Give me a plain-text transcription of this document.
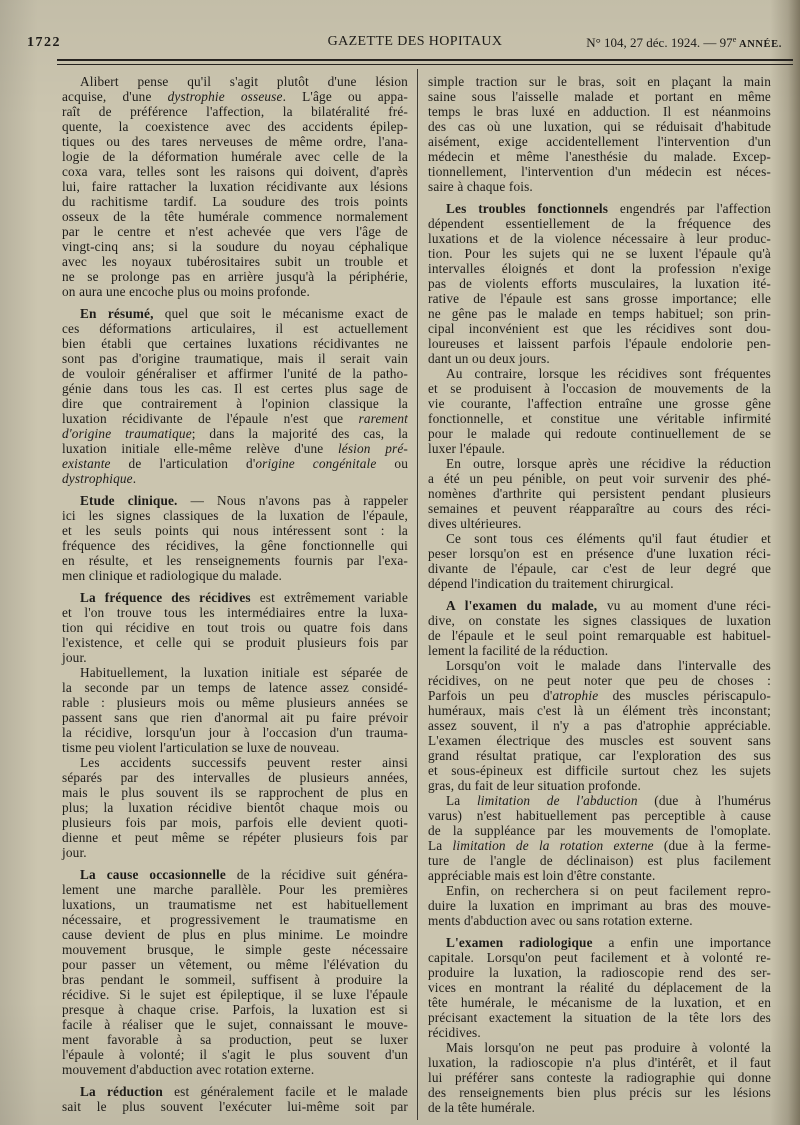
1722	GAZETTE DES HOPITAUX	N° 104, 27 déc. 1924. — 97e ANNÉE.
Alibert pense qu'il s'agit plutôt d'une lésion
acquise, d'une dystrophie osseuse. L'âge ou appa-
raît de préférence l'affection, la bilatéralité fré-
quente, la coexistence avec des accidents épilep-
tiques ou des tares nerveuses de même ordre, l'ana-
logie de la déformation humérale avec celle de la
coxa vara, telles sont les raisons qui doivent, d'après
lui, faire rattacher la luxation récidivante aux lésions
du rachitisme tardif. La soudure des trois points
osseux de la tête humérale commence normalement
par le centre et n'est achevée que vers l'âge de
vingt-cinq ans; si la soudure du noyau céphalique
avec les noyaux tubérositaires subit un trouble et
ne se prolonge pas en arrière jusqu'à la périphérie,
on aura une encoche plus ou moins profonde.
En résumé, quel que soit le mécanisme exact de
ces déformations articulaires, il est actuellement
bien établi que certaines luxations récidivantes ne
sont pas d'origine traumatique, mais il serait vain
de vouloir généraliser et affirmer l'unité de la patho-
génie dans tous les cas. Il est certes plus sage de
dire que contrairement à l'opinion classique la
luxation récidivante de l'épaule n'est que rarement
d'origine traumatique; dans la majorité des cas, la
luxation initiale elle-même relève d'une lésion pré-
existante de l'articulation d'origine congénitale ou
dystrophique.
Etude clinique. — Nous n'avons pas à rappeler
ici les signes classiques de la luxation de l'épaule,
et les seuls points qui nous intéressent sont : la
fréquence des récidives, la gêne fonctionnelle qui
en résulte, et les renseignements fournis par l'exa-
men clinique et radiologique du malade.
La fréquence des récidives est extrêmement variable
et l'on trouve tous les intermédiaires entre la luxa-
tion qui récidive en tout trois ou quatre fois dans
l'existence, et celle qui se produit plusieurs fois par
jour.
Habituellement, la luxation initiale est séparée de
la seconde par un temps de latence assez considé-
rable : plusieurs mois ou même plusieurs années se
passent sans que rien d'anormal ait pu faire prévoir
la récidive, lorsqu'un jour à l'occasion d'un trauma-
tisme peu violent l'articulation se luxe de nouveau.
Les accidents successifs peuvent rester ainsi
séparés par des intervalles de plusieurs années,
mais le plus souvent ils se rapprochent de plus en
plus; la luxation récidive bientôt chaque mois ou
plusieurs fois par mois, parfois elle devient quoti-
dienne et peut même se répéter plusieurs fois par
jour.
La cause occasionnelle de la récidive suit généra-
lement une marche parallèle. Pour les premières
luxations, un traumatisme net est habituellement
nécessaire, et progressivement le traumatisme en
cause devient de plus en plus minime. Le moindre
mouvement brusque, le simple geste nécessaire
pour passer un vêtement, ou même l'élévation du
bras pendant le sommeil, suffisent à produire la
récidive. Si le sujet est épileptique, il se luxe l'épaule
presque à chaque crise. Parfois, la luxation est si
facile à réaliser que le sujet, connaissant le mouve-
ment favorable à sa production, peut se luxer
l'épaule à volonté; il s'agit le plus souvent d'un
mouvement d'abduction avec rotation externe.
La réduction est généralement facile et le malade
sait le plus souvent l'exécuter lui-même soit par
simple traction sur le bras, soit en plaçant la main
saine sous l'aisselle malade et portant en même
temps le bras luxé en adduction. Il est néanmoins
des cas où une luxation, qui se réduisait d'habitude
aisément, exige accidentellement l'intervention d'un
médecin et même l'anesthésie du malade. Excep-
tionnellement, l'intervention d'un médecin est néces-
saire à chaque fois.
Les troubles fonctionnels engendrés par l'affection
dépendent essentiellement de la fréquence des
luxations et de la violence nécessaire à leur produc-
tion. Pour les sujets qui ne se luxent l'épaule qu'à
intervalles éloignés et dont la profession n'exige
pas de violents efforts musculaires, la luxation ité-
rative de l'épaule est sans grosse importance; elle
ne gêne pas le malade en temps habituel; son prin-
cipal inconvénient est que les récidives sont dou-
loureuses et laissent parfois l'épaule endolorie pen-
dant un ou deux jours.
Au contraire, lorsque les récidives sont fréquentes
et se produisent à l'occasion de mouvements de la
vie courante, l'affection entraîne une grosse gêne
fonctionnelle, et constitue une véritable infirmité
pour le malade qui redoute continuellement de se
luxer l'épaule.
En outre, lorsque après une récidive la réduction
a été un peu pénible, on peut voir survenir des phé-
nomènes d'arthrite qui persistent pendant plusieurs
semaines et peuvent réapparaître au cours des réci-
dives ultérieures.
Ce sont tous ces éléments qu'il faut étudier et
peser lorsqu'on est en présence d'une luxation réci-
divante de l'épaule, car c'est de leur degré que
dépend l'indication du traitement chirurgical.
A l'examen du malade, vu au moment d'une réci-
dive, on constate les signes classiques de luxation
de l'épaule et le seul point remarquable est habituel-
lement la facilité de la réduction.
Lorsqu'on voit le malade dans l'intervalle des
récidives, on ne peut noter que peu de choses :
Parfois un peu d'atrophie des muscles périscapulo-
huméraux, mais c'est là un élément très inconstant;
assez souvent, il n'y a pas d'atrophie appréciable.
L'examen électrique des muscles est souvent sans
grand résultat pratique, car l'exploration des sus
et sous-épineux est difficile surtout chez les sujets
gras, du fait de leur situation profonde.
La limitation de l'abduction (due à l'humérus
varus) n'est habituellement pas perceptible à cause
de la suppléance par les mouvements de l'omoplate.
La limitation de la rotation externe (due à la ferme-
ture de l'angle de déclinaison) est plus facilement
appréciable mais est loin d'être constante.
Enfin, on recherchera si on peut facilement repro-
duire la luxation en imprimant au bras des mouve-
ments d'abduction avec ou sans rotation externe.
L'examen radiologique a enfin une importance
capitale. Lorsqu'on peut facilement et à volonté re-
produire la luxation, la radioscopie rend des ser-
vices en montrant la réalité du déplacement de la
tête humérale, le mécanisme de la luxation, et en
précisant exactement la situation de la tête lors des
récidives.
Mais lorsqu'on ne peut pas produire à volonté la
luxation, la radioscopie n'a plus d'intérêt, et il faut
lui préférer sans conteste la radiographie qui donne
des renseignements bien plus précis sur les lésions
de la tête humérale.
